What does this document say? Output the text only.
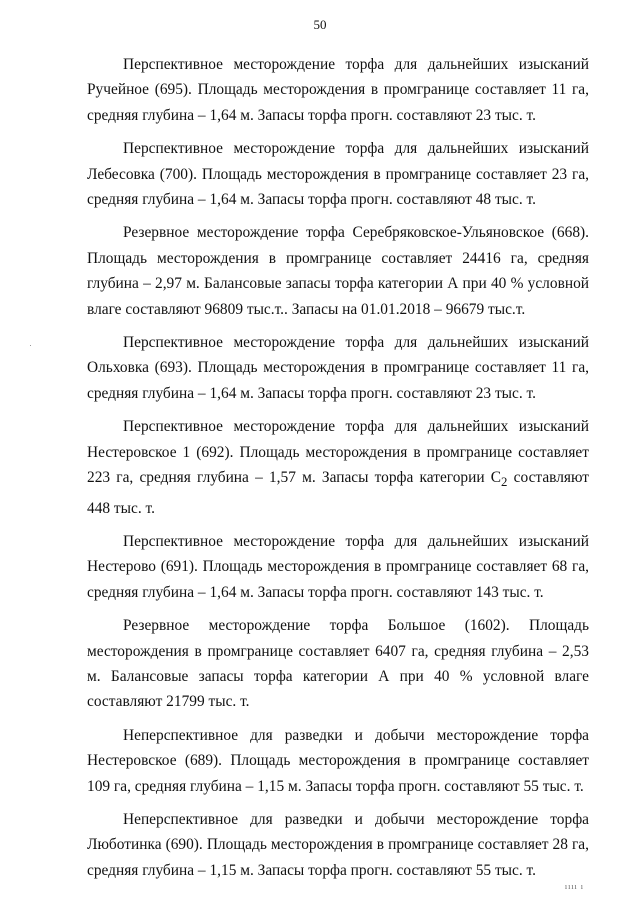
50

Перспективное месторождение торфа для дальнейших изысканий
Ручейное (695). Площадь месторождения в промгранице составляет 11 га, средняя глубина – 1,64 м. Запасы торфа прогн. составляют 23 тыс. т.

Перспективное месторождение торфа для дальнейших изысканий
Лебесовка (700). Площадь месторождения в промгранице составляет 23 га, средняя глубина – 1,64 м. Запасы торфа прогн. составляют 48 тыс. т.

Резервное месторождение торфа Серебряковское-Ульяновское (668).
Площадь месторождения в промгранице составляет 24416 га, средняя глубина – 2,97 м. Балансовые запасы торфа категории А при 40 % условной влаге составляют 96809 тыс.т.. Запасы на 01.01.2018 – 96679 тыс.т.

Перспективное месторождение торфа для дальнейших изысканий
Ольховка (693). Площадь месторождения в промгранице составляет 11 га, средняя глубина – 1,64 м. Запасы торфа прогн. составляют 23 тыс. т.

Перспективное месторождение торфа для дальнейших изысканий
Нестеровское 1 (692). Площадь месторождения в промгранице составляет 223 га, средняя глубина – 1,57 м. Запасы торфа категории $С_2$ составляют 448 тыс. т.

Перспективное месторождение торфа для дальнейших изысканий
Нестерово (691). Площадь месторождения в промгранице составляет 68 га, средняя глубина – 1,64 м. Запасы торфа прогн. составляют 143 тыс. т.

Резервное месторождение торфа Большое (1602). Площадь
месторождения в промгранице составляет 6407 га, средняя глубина – 2,53 м. Балансовые запасы торфа категории А при 40 % условной влаге составляют 21799 тыс. т.

Неперспективное для разведки и добычи месторождение торфа
Нестеровское (689). Площадь месторождения в промгранице составляет 109 га, средняя глубина – 1,15 м. Запасы торфа прогн. составляют 55 тыс. т.

Неперспективное для разведки и добычи месторождение торфа
Люботинка (690). Площадь месторождения в промгранице составляет 28 га, средняя глубина – 1,15 м. Запасы торфа прогн. составляют 55 тыс. т.

ıııı ı
